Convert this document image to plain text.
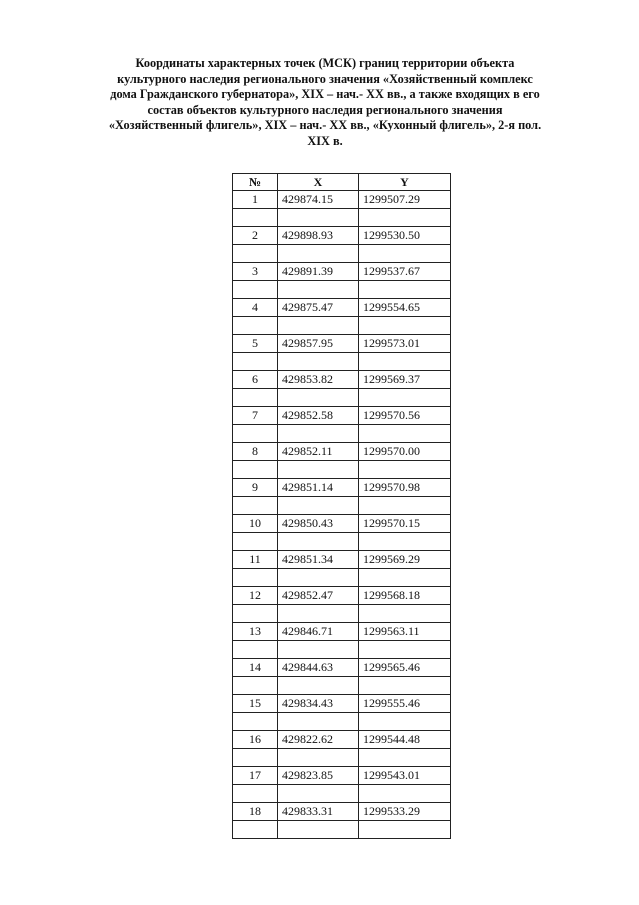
Координаты характерных точек (МСК) границ территории объекта
культурного наследия регионального значения «Хозяйственный комплекс
дома Гражданского губернатора», XIX – нач.- XX вв., а также входящих в его
состав объектов культурного наследия регионального значения
«Хозяйственный флигель», XIX – нач.- XX вв., «Кухонный флигель», 2-я пол.
XIX в.
№	X	Y
1	429874.15	1299507.29

2	429898.93	1299530.50

3	429891.39	1299537.67

4	429875.47	1299554.65

5	429857.95	1299573.01

6	429853.82	1299569.37

7	429852.58	1299570.56

8	429852.11	1299570.00

9	429851.14	1299570.98

10	429850.43	1299570.15

11	429851.34	1299569.29

12	429852.47	1299568.18

13	429846.71	1299563.11

14	429844.63	1299565.46

15	429834.43	1299555.46

16	429822.62	1299544.48

17	429823.85	1299543.01

18	429833.31	1299533.29
